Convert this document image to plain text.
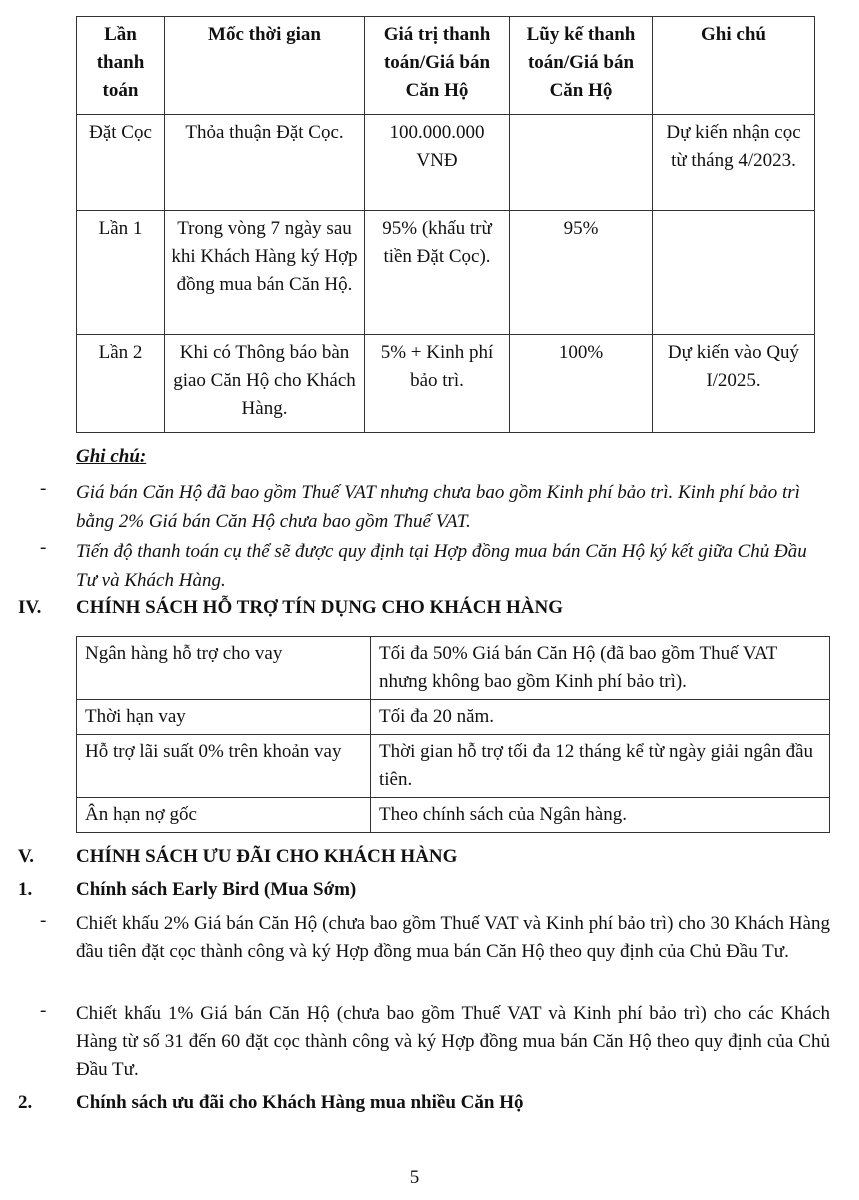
Lần thanh toán	Mốc thời gian	Giá trị thanh toán/Giá bán Căn Hộ	Lũy kế thanh toán/Giá bán Căn Hộ	Ghi chú
Đặt Cọc	Thỏa thuận Đặt Cọc.	100.000.000 VNĐ		Dự kiến nhận cọc từ tháng 4/2023.
Lần 1	Trong vòng 7 ngày sau khi Khách Hàng ký Hợp đồng mua bán Căn Hộ.	95% (khấu trừ tiền Đặt Cọc).	95%	
Lần 2	Khi có Thông báo bàn giao Căn Hộ cho Khách Hàng.	5% + Kinh phí bảo trì.	100%	Dự kiến vào Quý I/2025.
Ghi chú:
- Giá bán Căn Hộ đã bao gồm Thuế VAT nhưng chưa bao gồm Kinh phí bảo trì. Kinh phí bảo trì bằng 2% Giá bán Căn Hộ chưa bao gồm Thuế VAT.
- Tiến độ thanh toán cụ thể sẽ được quy định tại Hợp đồng mua bán Căn Hộ ký kết giữa Chủ Đầu Tư và Khách Hàng.
IV. CHÍNH SÁCH HỖ TRỢ TÍN DỤNG CHO KHÁCH HÀNG
Ngân hàng hỗ trợ cho vay	Tối đa 50% Giá bán Căn Hộ (đã bao gồm Thuế VAT nhưng không bao gồm Kinh phí bảo trì).
Thời hạn vay	Tối đa 20 năm.
Hỗ trợ lãi suất 0% trên khoản vay	Thời gian hỗ trợ tối đa 12 tháng kể từ ngày giải ngân đầu tiên.
Ân hạn nợ gốc	Theo chính sách của Ngân hàng.
V. CHÍNH SÁCH ƯU ĐÃI CHO KHÁCH HÀNG
1. Chính sách Early Bird (Mua Sớm)
- Chiết khấu 2% Giá bán Căn Hộ (chưa bao gồm Thuế VAT và Kinh phí bảo trì) cho 30 Khách Hàng đầu tiên đặt cọc thành công và ký Hợp đồng mua bán Căn Hộ theo quy định của Chủ Đầu Tư.
- Chiết khấu 1% Giá bán Căn Hộ (chưa bao gồm Thuế VAT và Kinh phí bảo trì) cho các Khách Hàng từ số 31 đến 60 đặt cọc thành công và ký Hợp đồng mua bán Căn Hộ theo quy định của Chủ Đầu Tư.
2. Chính sách ưu đãi cho Khách Hàng mua nhiều Căn Hộ
5
